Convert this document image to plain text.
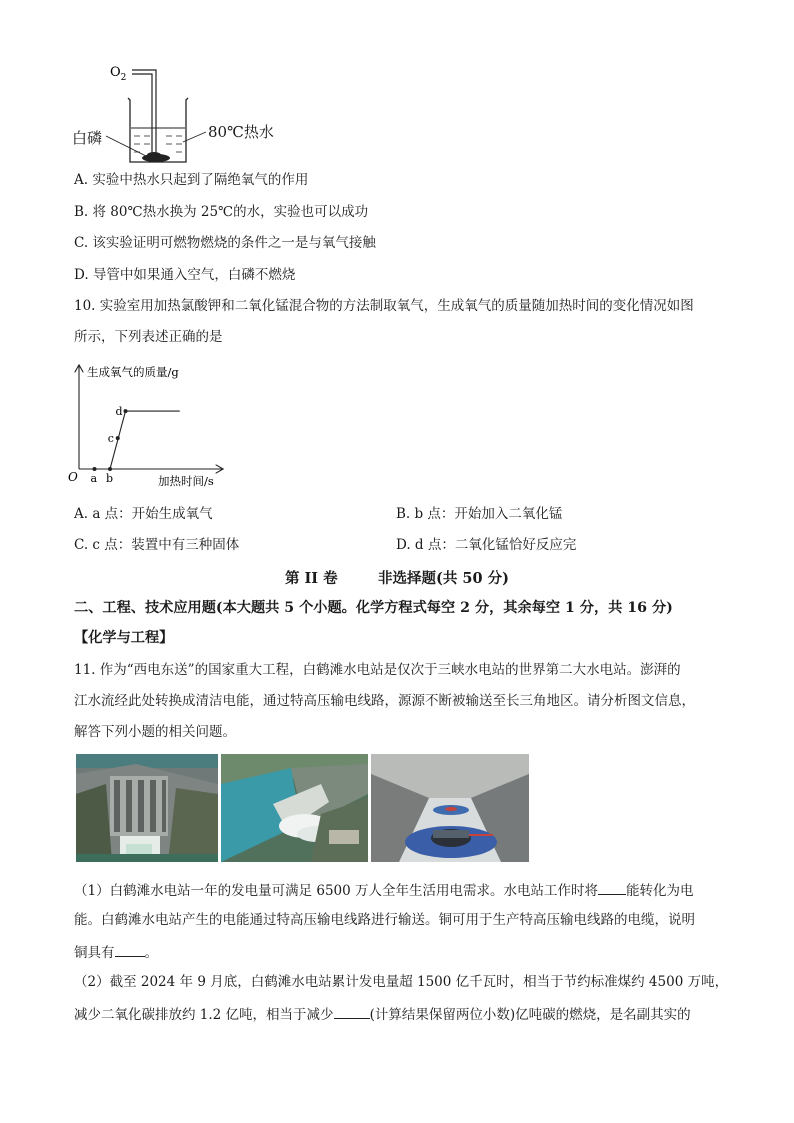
$O_2$
白磷	80℃热水
A. 实验中热水只起到了隔绝氧气的作用
B. 将 80℃热水换为 25℃的水，实验也可以成功
C. 该实验证明可燃物燃烧的条件之一是与氧气接触
D. 导管中如果通入空气，白磷不燃烧
10. 实验室用加热氯酸钾和二氧化锰混合物的方法制取氧气，生成氧气的质量随加热时间的变化情况如图
所示，下列表述正确的是
a b
c
d
生成氧气的质量/g
加热时间/s
O
A. a 点：开始生成氧气	B. b 点：开始加入二氧化锰
C. c 点：装置中有三种固体	D. d 点：二氧化锰恰好反应完
第 II 卷        非选择题(共 50 分)
二、工程、技术应用题(本大题共 5 个小题。化学方程式每空 2 分，其余每空 1 分，共 16 分)
【化学与工程】
11. 作为“西电东送”的国家重大工程，白鹤滩水电站是仅次于三峡水电站的世界第二大水电站。澎湃的
江水流经此处转换成清洁电能，通过特高压输电线路，源源不断被输送至长三角地区。请分析图文信息，
解答下列小题的相关问题。
（1）白鹤滩水电站一年的发电量可满足 6500 万人全年生活用电需求。水电站工作时将 能转化为电
能。白鹤滩水电站产生的电能通过特高压输电线路进行输送。铜可用于生产特高压输电线路的电缆，说明
铜具有 。
（2）截至 2024 年 9 月底，白鹤滩水电站累计发电量超 1500 亿千瓦时，相当于节约标准煤约 4500 万吨，
减少二氧化碳排放约 1.2 亿吨，相当于减少	(计算结果保留两位小数)亿吨碳的燃烧，是名副其实的
